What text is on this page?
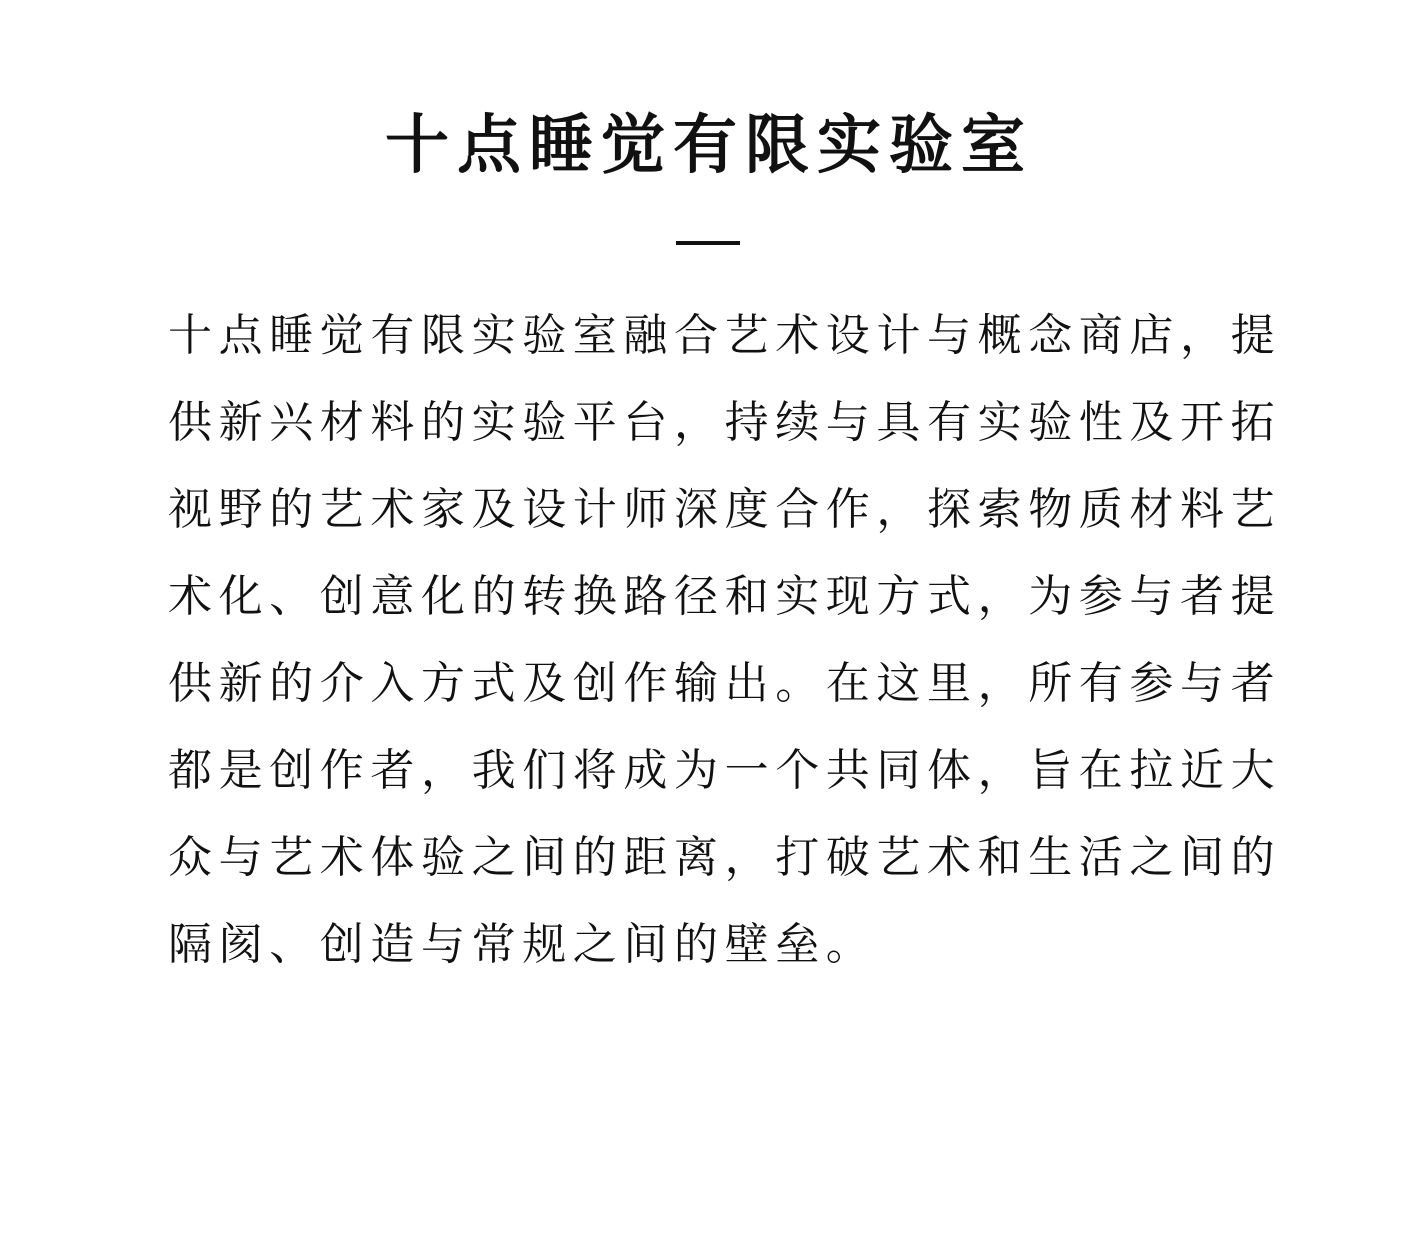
十点睡觉有限实验室
十点睡觉有限实验室融合艺术设计与概念商店，提
供新兴材料的实验平台，持续与具有实验性及开拓
视野的艺术家及设计师深度合作，探索物质材料艺
术化、创意化的转换路径和实现方式，为参与者提
供新的介入方式及创作输出。在这里，所有参与者
都是创作者，我们将成为一个共同体，旨在拉近大
众与艺术体验之间的距离，打破艺术和生活之间的
隔阂、创造与常规之间的壁垒。
